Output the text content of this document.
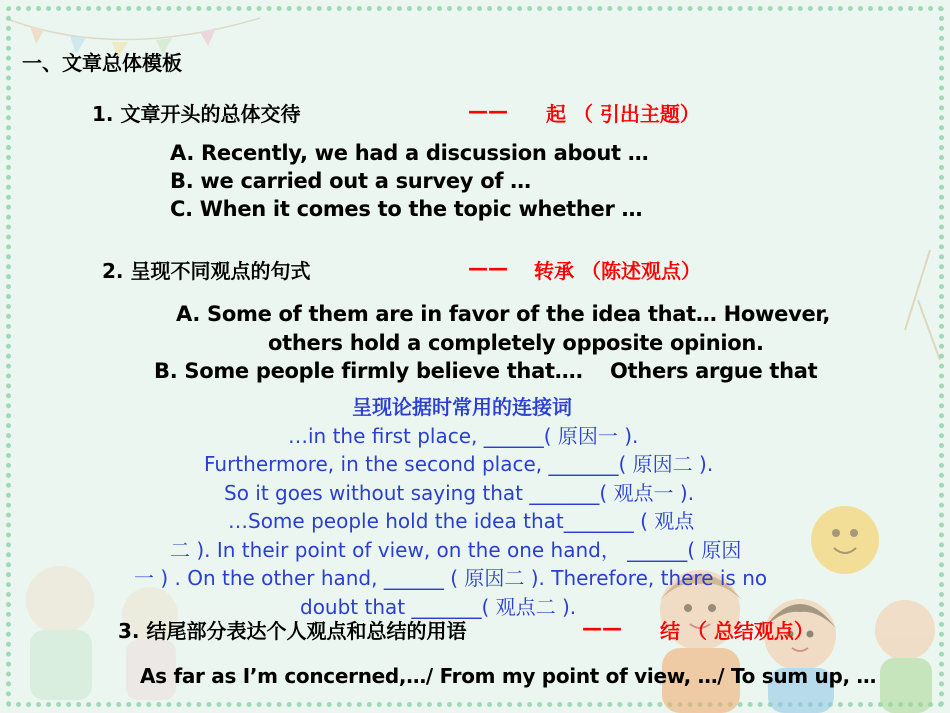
一、文章总体模板
1. 文章开头的总体交待	—— 起 （ 引出主题）
A. Recently, we had a discussion about …
B. we carried out a survey of …
C. When it comes to the topic whether …
2. 呈现不同观点的句式	—— 转承 （陈述观点）
A. Some of them are in favor of the idea that… However,
others hold a completely opposite opinion.
B. Some people firmly believe that…. Others argue that
呈现论据时常用的连接词
…in the first place, ______( 原因一 ).
Furthermore, in the second place, _______( 原因二 ).
So it goes without saying that _______( 观点一 ).
…Some people hold the idea that_______ ( 观点
二 ). In their point of view, on the one hand， ______( 原因
一 ) . On the other hand, ______ ( 原因二 ). Therefore, there is no
doubt that _______( 观点二 ).
3. 结尾部分表达个人观点和总结的用语	—— 结 （ 总结观点）
As far as I’m concerned,…/ From my point of view, …/ To sum up, …
